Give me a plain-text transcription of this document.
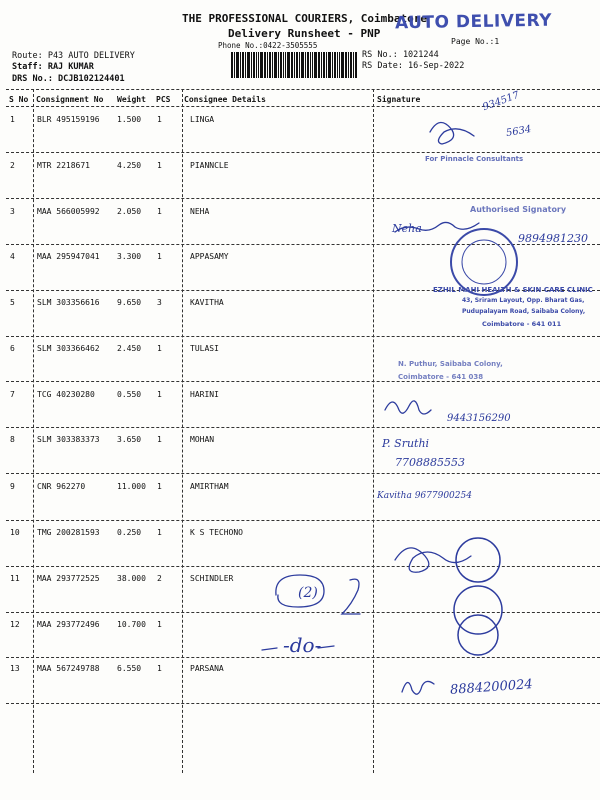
THE PROFESSIONAL COURIERS, Coimbatore
Delivery Runsheet - PNP
Phone No.:0422-3505555
AUTO DELIVERY
Page No.:1
Route: P43 AUTO DELIVERY
Staff: RAJ KUMAR
DRS No.: DCJB102124401
RS No.: 1021244
RS Date: 16-Sep-2022
S No Consignment No Weight PCS Consignee Details	Signature
1	BLR 495159196 1.500 1	LINGA
2	MTR 2218671	4.250 1	PIANNCLE
3	MAA 566005992 2.050 1	NEHA
4	MAA 295947041 3.300 1	APPASAMY
5	SLM 303356616 9.650 3	KAVITHA
6	SLM 303366462 2.450 1	TULASI
7	TCG 40230280	0.550 1	HARINI
8	SLM 303383373 3.650 1	MOHAN
9	CNR 962270	11.000 1	AMIRTHAM
10 TMG 200281593 0.250 1	K S TECHONO
11 MAA 293772525 38.000 2	SCHINDLER
12 MAA 293772496 10.700 1
13 MAA 567249788 6.550 1	PARSANA
934517
5634
For Pinnacle Consultants
Authorised Signatory
Neha
9894981230
EZHIL MAHI HEALTH & SKIN CARE CLINIC
43, Sriram Layout, Opp. Bharat Gas,
Pudupalayam Road, Saibaba Colony,
Coimbatore - 641 011
N. Puthur, Saibaba Colony,
Coimbatore - 641 038
9443156290
P. Sruthi
7708885553
Kavitha 9677900254
(2)
-do-
8884200024
